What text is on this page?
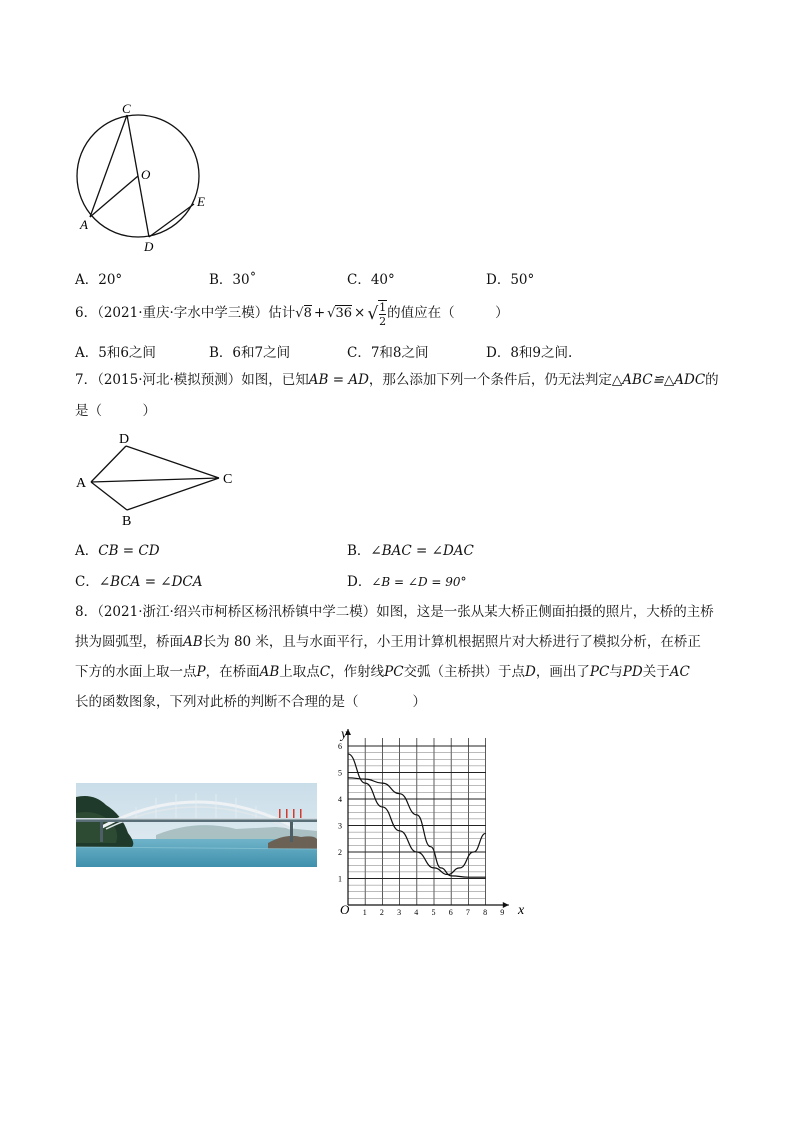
C
O
E
A
D
A．20°	B．30˚	C．40°	D．50°
6．（2021·重庆·字水中学三模）估计√8 + √36 × √ $\frac{1}{2}$ 的值应在（　　　）
A．5和6之间	B．6和7之间	C．7和8之间	D．8和9之间.
7．（2015·河北·模拟预测）如图，已知AB = AD，那么添加下列一个条件后，仍无法判定△ABC≌△ADC的
是（　　　）
D
A	C
B
A．CB = CD	B．∠BAC = ∠DAC
C．∠BCA = ∠DCA	D．∠B = ∠D = 90°
8．（2021·浙江·绍兴市柯桥区杨汛桥镇中学二模）如图，这是一张从某大桥正侧面拍摄的照片，大桥的主桥
拱为圆弧型，桥面AB长为 80 米，且与水面平行，小王用计算机根据照片对大桥进行了模拟分析，在桥正
下方的水面上取一点P，在桥面AB上取点C，作射线PC交弧（主桥拱）于点D，画出了PC与PD关于AC
长的函数图象，下列对此桥的判断不合理的是（　　　　）
1 2 3 4 5 6 7 8 9
1
2
3
4
5
6
y
x
O
